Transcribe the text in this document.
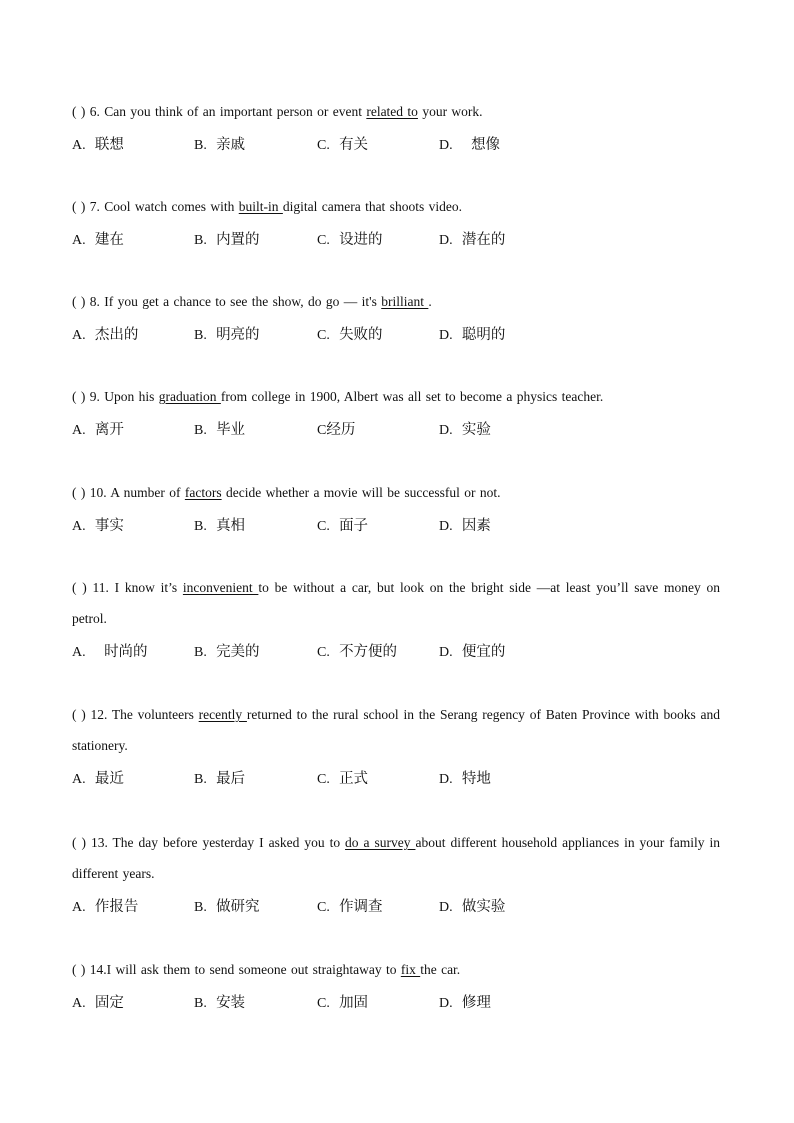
( ) 6. Can you think of an important person or event related to your work.
A. 联想	B. 亲戚	C. 有关	D. 想像
( ) 7. Cool watch comes with built-in digital camera that shoots video.
A. 建在	B. 内置的	C. 设进的	D. 潜在的
( ) 8. If you get a chance to see the show, do go — it's brilliant .
A. 杰出的	B. 明亮的	C. 失败的	D. 聪明的
( ) 9. Upon his graduation from college in 1900, Albert was all set to become a physics teacher.
A. 离开	B. 毕业	C经历	D. 实验
( ) 10. A number of factors decide whether a movie will be successful or not.
A. 事实	B. 真相	C. 面子	D. 因素
( ) 11. I know it’s inconvenient to be without a car, but look on the bright side —at least you’ll save money on petrol.
A. 时尚的	B. 完美的	C. 不方便的	D. 便宜的
( ) 12. The volunteers recently returned to the rural school in the Serang regency of Baten Province with books and stationery.
A. 最近	B. 最后	C. 正式	D. 特地
( ) 13. The day before yesterday I asked you to do a survey about different household appliances in your family in different years.
A. 作报告	B. 做研究	C. 作调查	D. 做实验
( ) 14.I will ask them to send someone out straightaway to fix the car.
A. 固定	B. 安装	C. 加固	D. 修理
